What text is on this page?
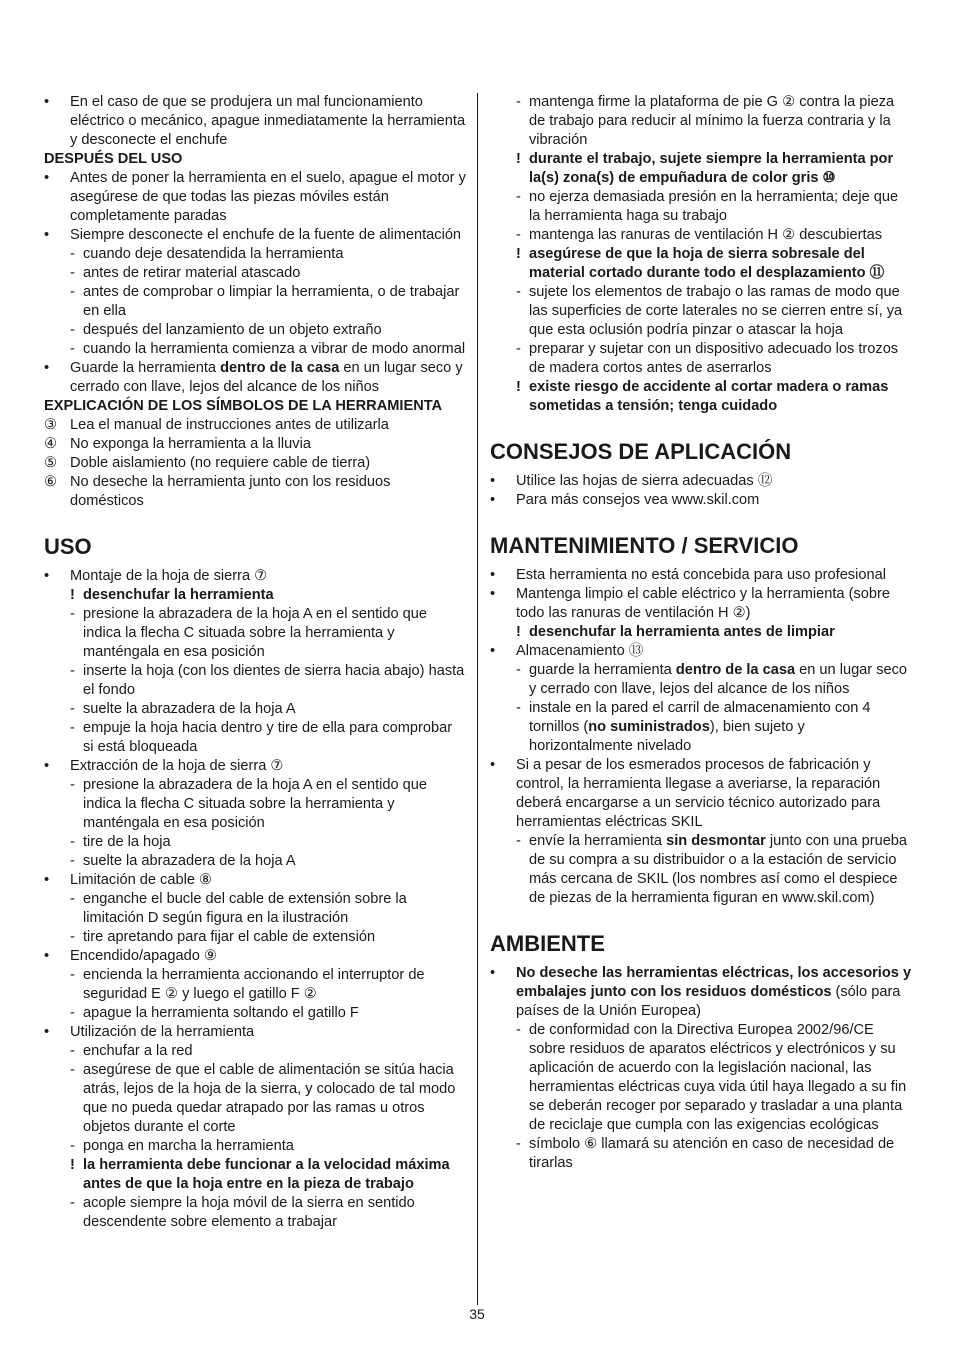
•	En el caso de que se produjera un mal funcionamiento eléctrico o mecánico, apague inmediatamente la herramienta y desconecte el enchufe
DESPUÉS DEL USO
•	Antes de poner la herramienta en el suelo, apague el motor y asegúrese de que todas las piezas móviles están completamente paradas
•	Siempre desconecte el enchufe de la fuente de alimentación
- cuando deje desatendida la herramienta
- antes de retirar material atascado
- antes de comprobar o limpiar la herramienta, o de trabajar en ella
- después del lanzamiento de un objeto extraño
- cuando la herramienta comienza a vibrar de modo anormal
•	Guarde la herramienta dentro de la casa en un lugar seco y cerrado con llave, lejos del alcance de los niños
EXPLICACIÓN DE LOS SÍMBOLOS DE LA HERRAMIENTA
③ Lea el manual de instrucciones antes de utilizarla
④ No exponga la herramienta a la lluvia
⑤ Doble aislamiento (no requiere cable de tierra)
⑥ No deseche la herramienta junto con los residuos domésticos
USO
•	Montaje de la hoja de sierra ⑦
! desenchufar la herramienta
- presione la abrazadera de la hoja A en el sentido que indica la flecha C situada sobre la herramienta y manténgala en esa posición
- inserte la hoja (con los dientes de sierra hacia abajo) hasta el fondo
- suelte la abrazadera de la hoja A
- empuje la hoja hacia dentro y tire de ella para comprobar si está bloqueada
•	Extracción de la hoja de sierra ⑦
- presione la abrazadera de la hoja A en el sentido que indica la flecha C situada sobre la herramienta y manténgala en esa posición
- tire de la hoja
- suelte la abrazadera de la hoja A
•	Limitación de cable ⑧
- enganche el bucle del cable de extensión sobre la limitación D según figura en la ilustración
- tire apretando para fijar el cable de extensión
•	Encendido/apagado ⑨
- encienda la herramienta accionando el interruptor de seguridad E ② y luego el gatillo F ②
- apague la herramienta soltando el gatillo F
•	Utilización de la herramienta
- enchufar a la red
- asegúrese de que el cable de alimentación se sitúa hacia atrás, lejos de la hoja de la sierra, y colocado de tal modo que no pueda quedar atrapado por las ramas u otros objetos durante el corte
- ponga en marcha la herramienta
! la herramienta debe funcionar a la velocidad máxima antes de que la hoja entre en la pieza de trabajo
- acople siempre la hoja móvil de la sierra en sentido descendente sobre elemento a trabajar
- mantenga firme la plataforma de pie G ② contra la pieza de trabajo para reducir al mínimo la fuerza contraria y la vibración
! durante el trabajo, sujete siempre la herramienta por la(s) zona(s) de empuñadura de color gris ⑩
- no ejerza demasiada presión en la herramienta; deje que la herramienta haga su trabajo
- mantenga las ranuras de ventilación H ② descubiertas
! asegúrese de que la hoja de sierra sobresale del material cortado durante todo el desplazamiento ⑪
- sujete los elementos de trabajo o las ramas de modo que las superficies de corte laterales no se cierren entre sí, ya que esta oclusión podría pinzar o atascar la hoja
- preparar y sujetar con un dispositivo adecuado los trozos de madera cortos antes de aserrarlos
! existe riesgo de accidente al cortar madera o ramas sometidas a tensión; tenga cuidado
CONSEJOS DE APLICACIÓN
•	Utilice las hojas de sierra adecuadas ⑫
•	Para más consejos vea www.skil.com
MANTENIMIENTO / SERVICIO
•	Esta herramienta no está concebida para uso profesional
•	Mantenga limpio el cable eléctrico y la herramienta (sobre todo las ranuras de ventilación H ②)
! desenchufar la herramienta antes de limpiar
•	Almacenamiento ⑬
- guarde la herramienta dentro de la casa en un lugar seco y cerrado con llave, lejos del alcance de los niños
- instale en la pared el carril de almacenamiento con 4 tornillos (no suministrados), bien sujeto y horizontalmente nivelado
•	Si a pesar de los esmerados procesos de fabricación y control, la herramienta llegase a averiarse, la reparación deberá encargarse a un servicio técnico autorizado para herramientas eléctricas SKIL
- envíe la herramienta sin desmontar junto con una prueba de su compra a su distribuidor o a la estación de servicio más cercana de SKIL (los nombres así como el despiece de piezas de la herramienta figuran en www.skil.com)
AMBIENTE
•	No deseche las herramientas eléctricas, los accesorios y embalajes junto con los residuos domésticos (sólo para países de la Unión Europea)
- de conformidad con la Directiva Europea 2002/96/CE sobre residuos de aparatos eléctricos y electrónicos y su aplicación de acuerdo con la legislación nacional, las herramientas eléctricas cuya vida útil haya llegado a su fin se deberán recoger por separado y trasladar a una planta de reciclaje que cumpla con las exigencias ecológicas
- símbolo ⑥ llamará su atención en caso de necesidad de tirarlas
35
